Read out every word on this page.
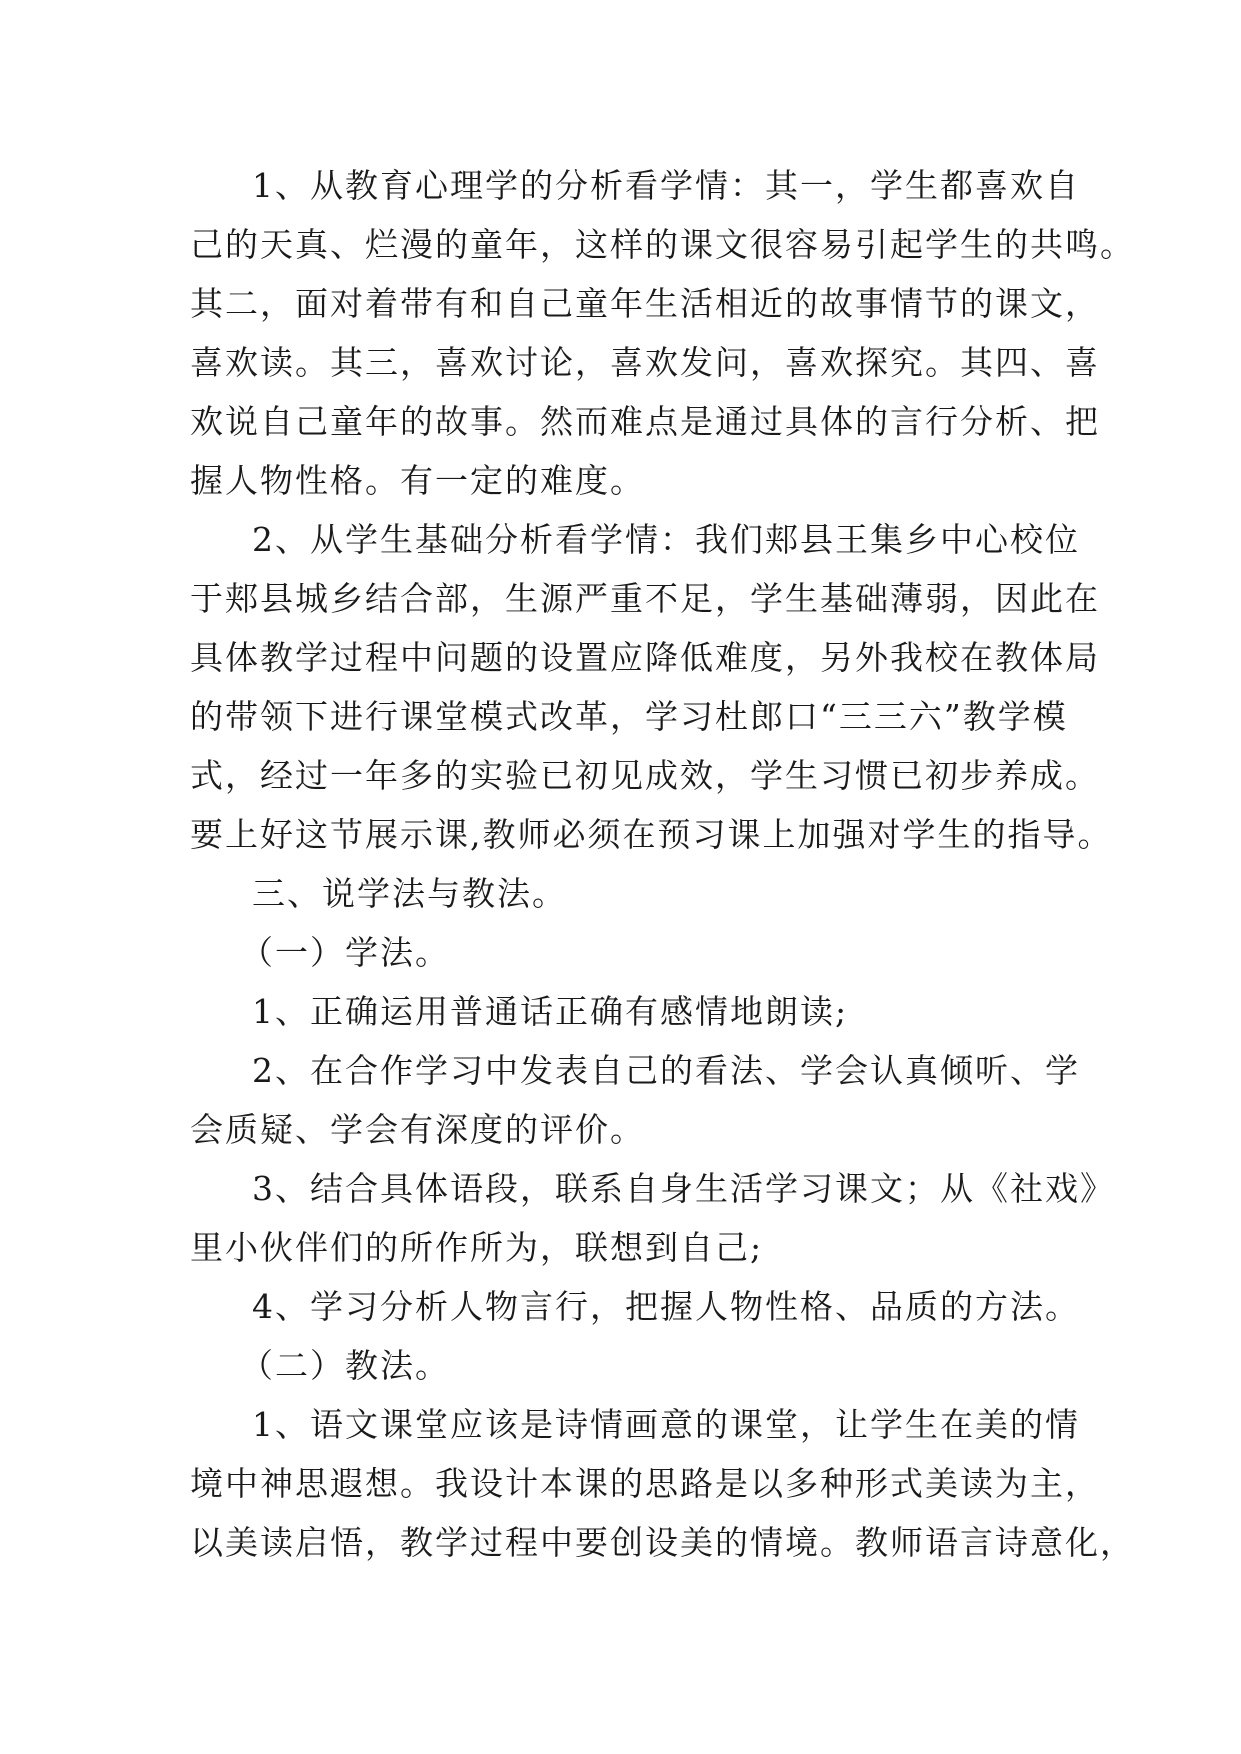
1、从教育心理学的分析看学情：其一，学生都喜欢自

己的天真、烂漫的童年，这样的课文很容易引起学生的共鸣。

其二，面对着带有和自己童年生活相近的故事情节的课文，

喜欢读。其三，喜欢讨论，喜欢发问，喜欢探究。其四、喜

欢说自己童年的故事。然而难点是通过具体的言行分析、把

握人物性格。有一定的难度。

2、从学生基础分析看学情：我们郏县王集乡中心校位

于郏县城乡结合部，生源严重不足，学生基础薄弱，因此在

具体教学过程中问题的设置应降低难度，另外我校在教体局

的带领下进行课堂模式改革，学习杜郎口“三三六”教学模

式，经过一年多的实验已初见成效，学生习惯已初步养成。

要上好这节展示课,教师必须在预习课上加强对学生的指导。

三、说学法与教法。

（一）学法。

1、正确运用普通话正确有感情地朗读;

2、在合作学习中发表自己的看法、学会认真倾听、学

会质疑、学会有深度的评价。

3、结合具体语段，联系自身生活学习课文；从《社戏》

里小伙伴们的所作所为，联想到自己;

4、学习分析人物言行，把握人物性格、品质的方法。

（二）教法。

1、语文课堂应该是诗情画意的课堂，让学生在美的情

境中神思遐想。我设计本课的思路是以多种形式美读为主，

以美读启悟，教学过程中要创设美的情境。教师语言诗意化，
